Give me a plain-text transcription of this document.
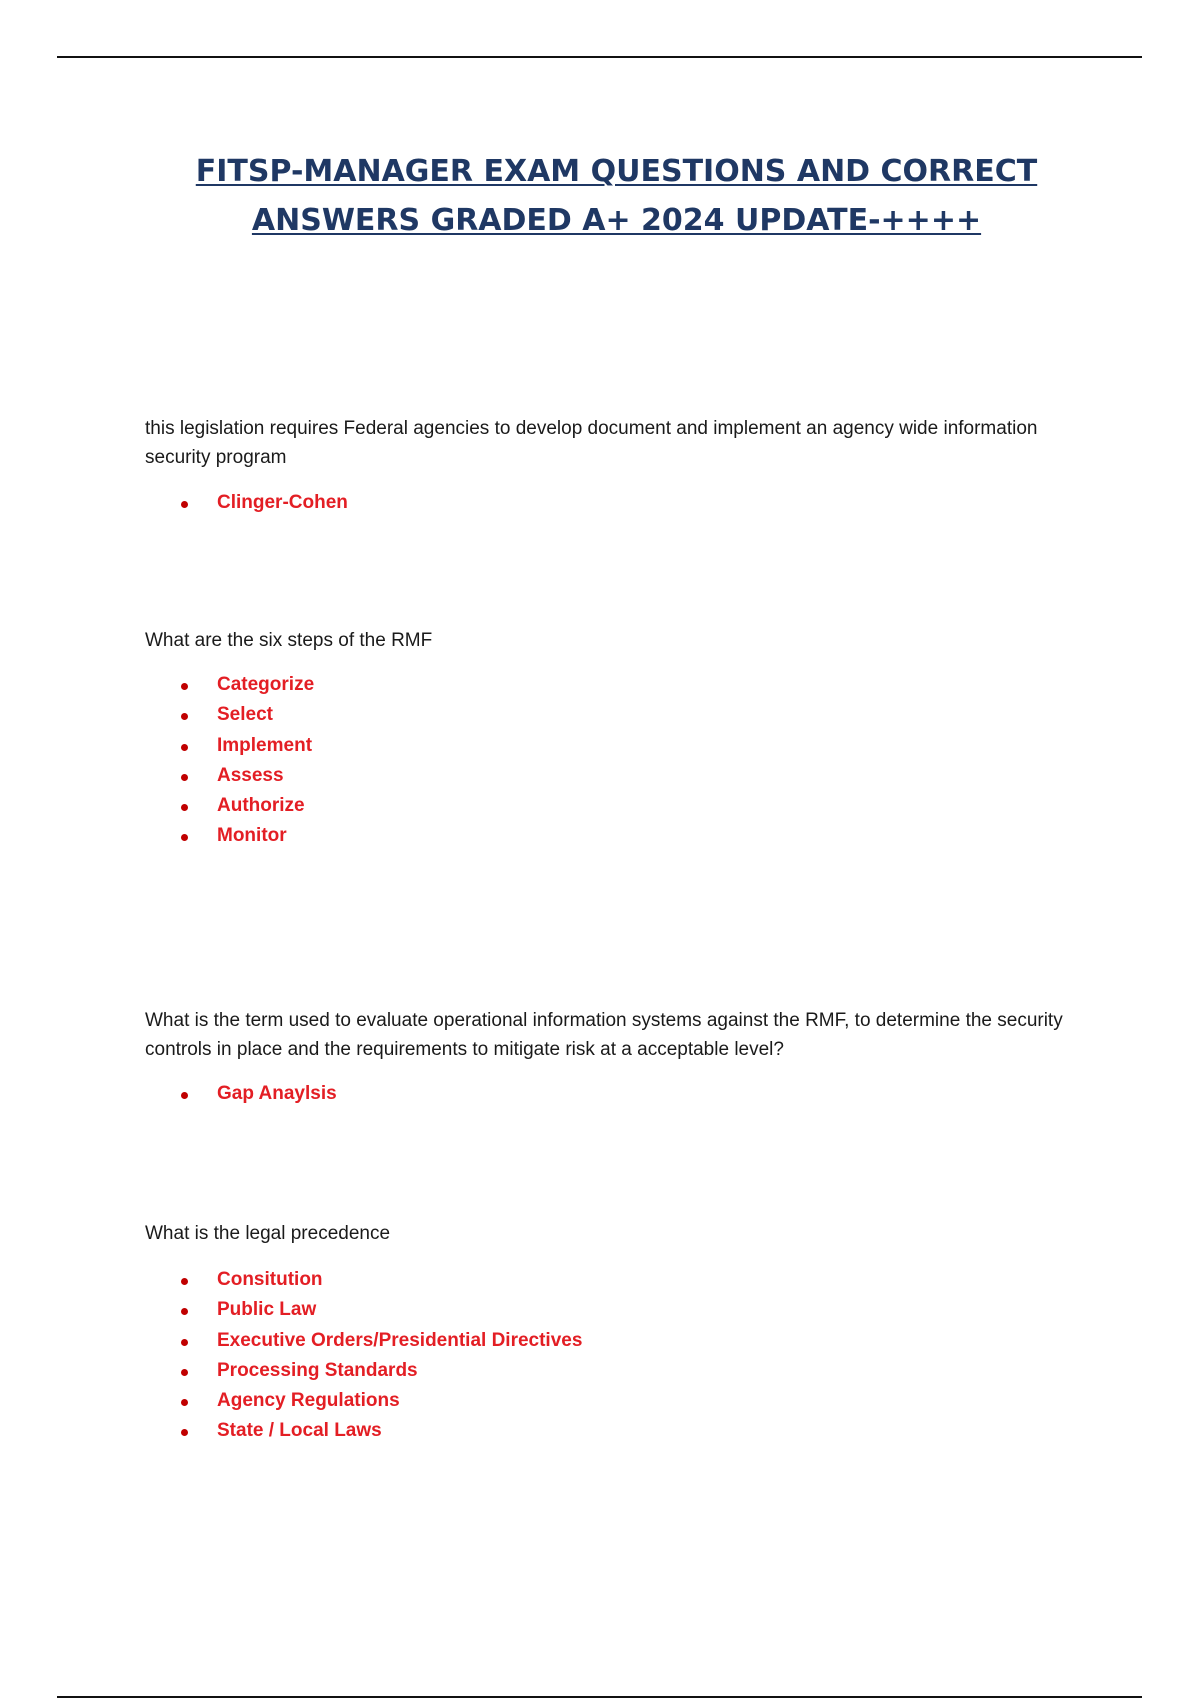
FITSP-MANAGER EXAM QUESTIONS AND CORRECT
ANSWERS GRADED A+ 2024 UPDATE-++++

this legislation requires Federal agencies to develop document and implement an agency wide information security program

Clinger-Cohen

What are the six steps of the RMF

Categorize
Select
Implement
Assess
Authorize
Monitor

What is the term used to evaluate operational information systems against the RMF, to determine the security controls in place and the requirements to mitigate risk at a acceptable level?

Gap Anaylsis

What is the legal precedence

Consitution
Public Law
Executive Orders/Presidential Directives
Processing Standards
Agency Regulations
State / Local Laws
